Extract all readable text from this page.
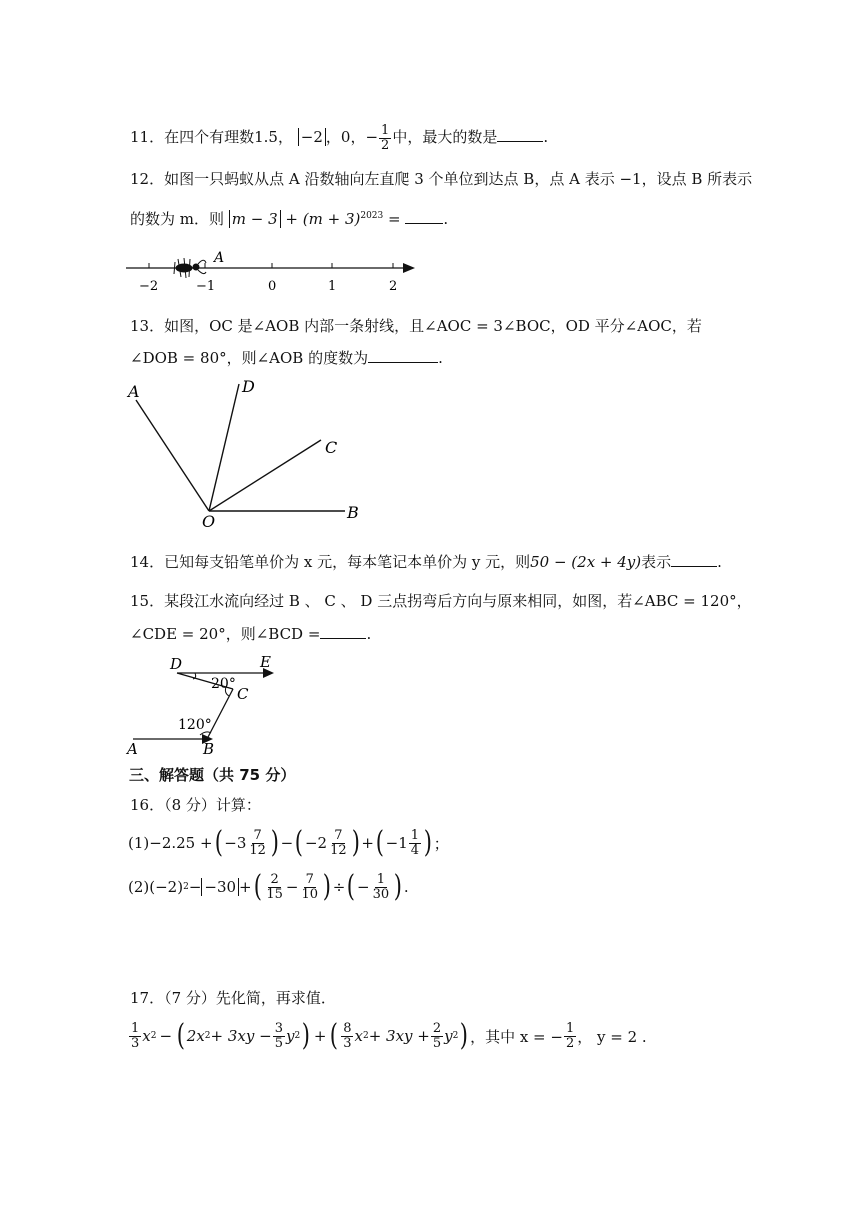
11．在四个有理数1.5， −2 ，0，− $\frac{1}{2}$ 中，最大的数是	.
12．如图一只蚂蚁从点 A 沿数轴向左直爬 3 个单位到达点 B，点 A 表示 −1，设点 B 所表示
的数为 m．则 $m - 3 + (m + 3)^{2023}$ =	.
A
−2	−1	0	1	2
13．如图，OC 是∠AOB 内部一条射线，且∠AOC = 3∠BOC，OD 平分∠AOC，若
∠DOB = 80°，则∠AOB 的度数为	.
A	D
C
O	B
14．已知每支铅笔单价为 x 元，每本笔记本单价为 y 元，则50 − (2x + 4y)表示	.
15．某段江水流向经过 B 、 C 、 D 三点拐弯后方向与原来相同，如图，若∠ABC = 120°，
∠CDE = 20°，则∠BCD =	.
D	E
C
A	B
20°
120°
三、解答题（共 75 分）
16．（8 分）计算：
(1) −2.25 + ( $-3 \frac{7}{12}$ ) − ( $-2 \frac{7}{12}$ ) + ( $-1 \frac{1}{4}$ ) ；
(2) (−2) 2 − −30 + ( $\frac{2}{15} - \frac{7}{10}$ ) ÷ ( − $\frac{1}{30}$ ) .
17．（7 分）先化简，再求值．
$\frac{1}{3}$ x 2 − ( 2x $2 + 3xy - \frac{3}{5}$ y 2 ) + ( $\frac{8}{3}$ x $2 + 3xy + \frac{2}{5}$ y 2 ) ，其中 x = − $\frac{1}{2}$ ， y = 2 .
